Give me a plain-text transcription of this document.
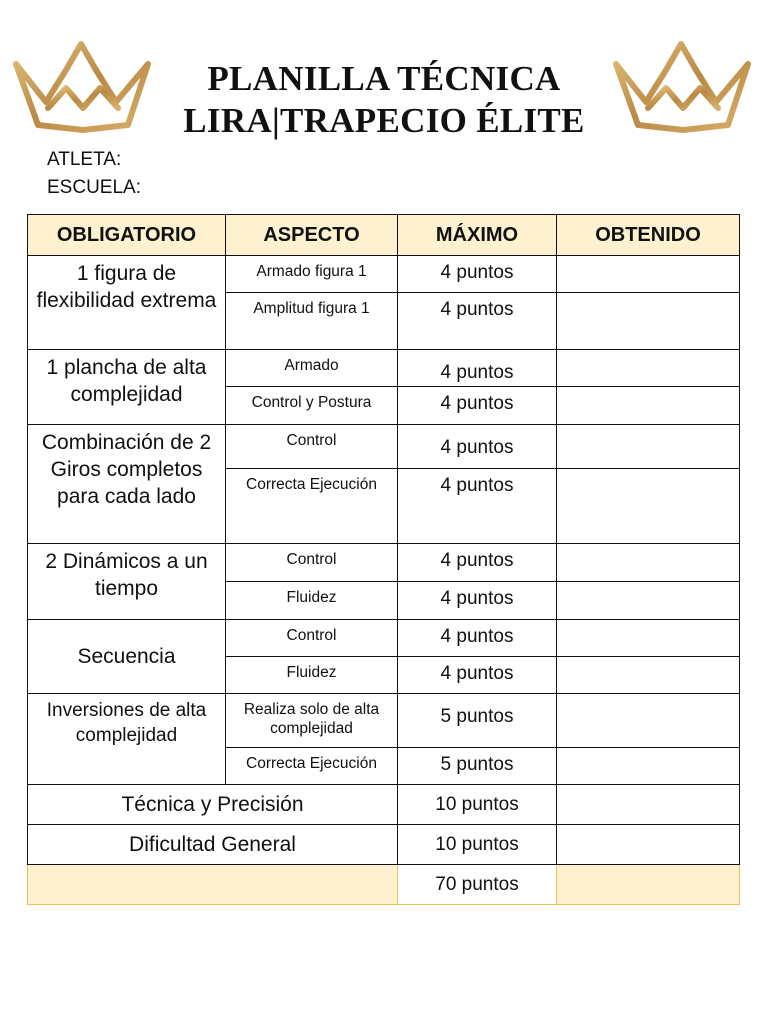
PLANILLA TÉCNICA
LIRA|TRAPECIO ÉLITE
ATLETA:
ESCUELA:
OBLIGATORIO	ASPECTO	MÁXIMO	OBTENIDO
1 figura de flexibilidad extrema	Armado figura 1	4 puntos	
	Amplitud figura 1	4 puntos	
1 plancha de alta complejidad	Armado	4 puntos	
	Control y Postura	4 puntos	
Combinación de 2 Giros completos para cada lado	Control	4 puntos	
	Correcta Ejecución	4 puntos	
2 Dinámicos a un tiempo	Control	4 puntos	
	Fluidez	4 puntos	
Secuencia	Control	4 puntos	
	Fluidez	4 puntos	
Inversiones de alta complejidad	Realiza solo de alta complejidad	5 puntos	
	Correcta Ejecución	5 puntos	
Técnica y Precisión		10 puntos	
Dificultad General		10 puntos	
		70 puntos	
